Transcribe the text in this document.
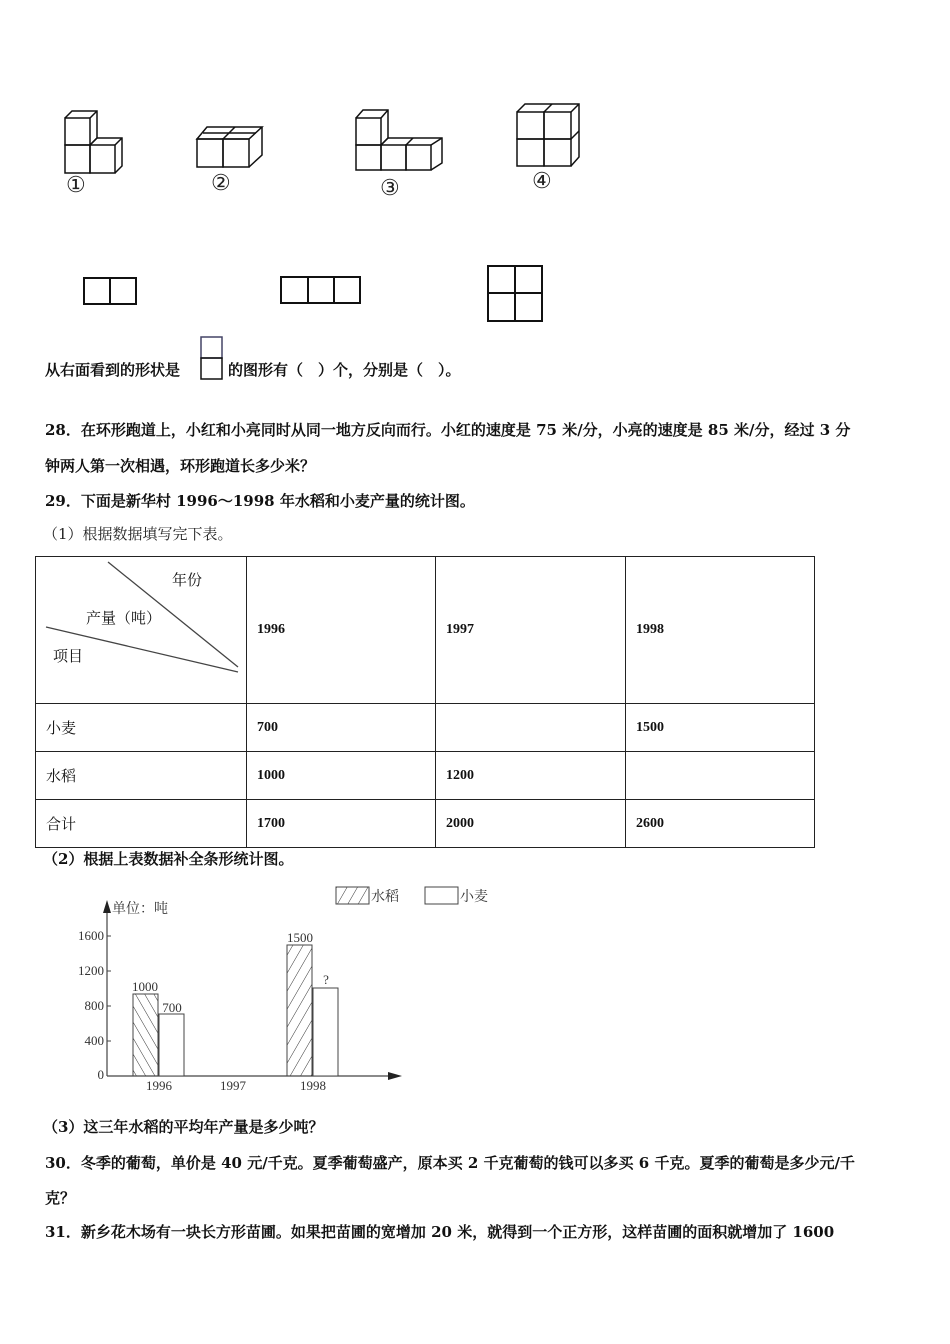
①	②	③	④
从右面看到的形状是	的图形有（　）个，分别是（　）。
28．在环形跑道上，小红和小亮同时从同一地方反向而行。小红的速度是 75 米/分，小亮的速度是 85 米/分，经过 3 分
钟两人第一次相遇，环形跑道长多少米？
29．下面是新华村 1996～1998 年水稻和小麦产量的统计图。
（1）根据数据填写完下表。
年份
产量（吨）
项目	1996	1997	1998
小麦	700		1500
水稻	1000	1200	
合计	1700	2000	2600
（2）根据上表数据补全条形统计图。
水稻	小麦
单位：吨
1600
1200
800
400
0
1000
700
1500
?
1996	1997	1998
（3）这三年水稻的平均年产量是多少吨？
30．冬季的葡萄，单价是 40 元/千克。夏季葡萄盛产，原本买 2 千克葡萄的钱可以多买 6 千克。夏季的葡萄是多少元/千
克？
31．新乡花木场有一块长方形苗圃。如果把苗圃的宽增加 20 米，就得到一个正方形，这样苗圃的面积就增加了 1600
